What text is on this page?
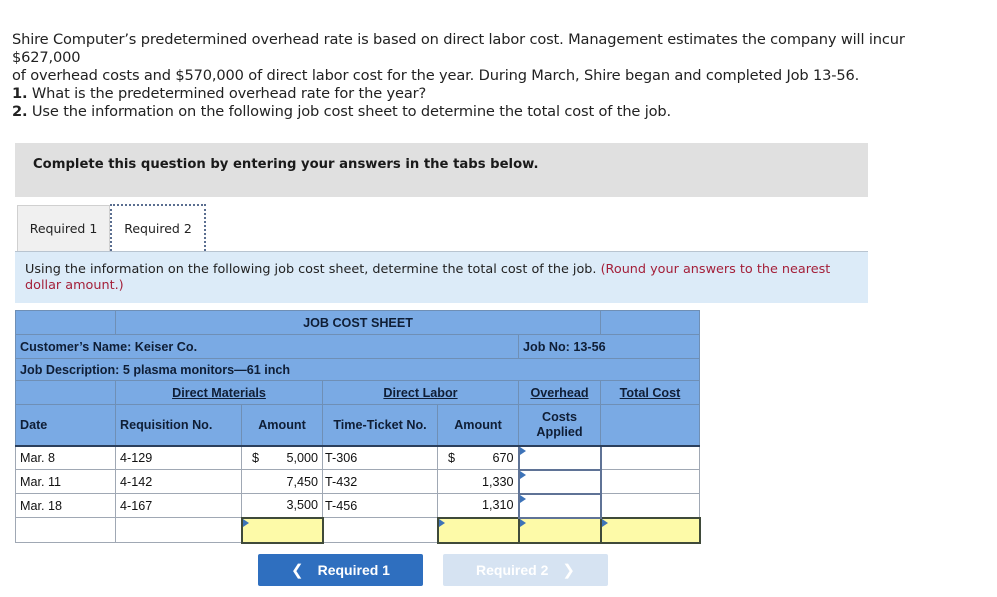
Shire Computer’s predetermined overhead rate is based on direct labor cost. Management estimates the company will incur $627,000

of overhead costs and $570,000 of direct labor cost for the year. During March, Shire began and completed Job 13-56.

1. What is the predetermined overhead rate for the year?
2. Use the information on the following job cost sheet to determine the total cost of the job.
Complete this question by entering your answers in the tabs below.
Required 1	Required 2
Using the information on the following job cost sheet, determine the total cost of the job. (Round your answers to the nearest dollar amount.)
	JOB COST SHEET					
Customer’s Name: Keiser Co.					Job No: 13-56	
Job Description: 5 plasma monitors—61 inch						
	Direct Materials		Direct Labor		Overhead	Total Cost
Date	Requisition No.	Amount	Time-Ticket No.	Amount	Costs Applied	
Mar. 8	4-129	$ 5,000	T-306	$ 670

Mar. 11	4-142	7,450	T-432	1,330

Mar. 18	4-167	3,500	T-456	1,310

❮ Required 1	Required 2 ❯
